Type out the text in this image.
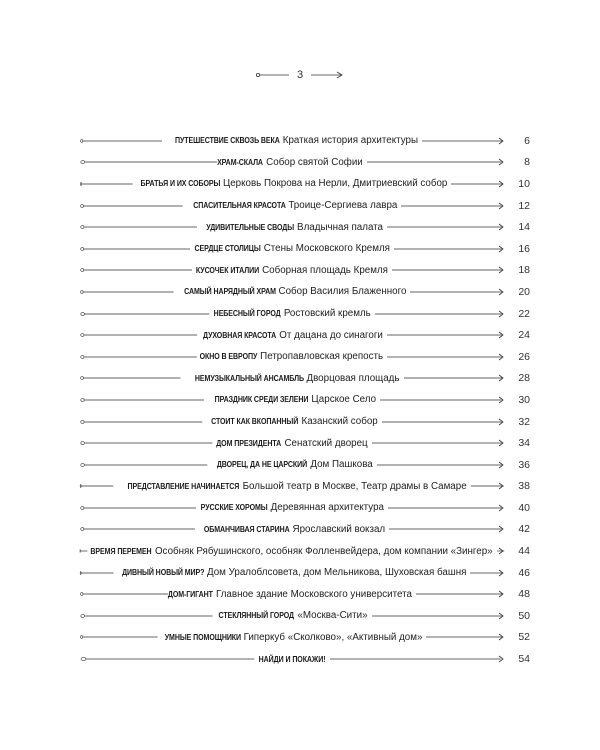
3
ПУТЕШЕСТВИЕ СКВОЗЬ ВЕКА Краткая история архитектуры	6
ХРАМ-СКАЛА Собор святой Софии	8
БРАТЬЯ И ИХ СОБОРЫ Церковь Покрова на Нерли, Дмитриевский собор	10
СПАСИТЕЛЬНАЯ КРАСОТА Троице-Сергиева лавра	12
УДИВИТЕЛЬНЫЕ СВОДЫ Владычная палата	14
СЕРДЦЕ СТОЛИЦЫ Стены Московского Кремля	16
КУСОЧЕК ИТАЛИИ Соборная площадь Кремля	18
САМЫЙ НАРЯДНЫЙ ХРАМ Собор Василия Блаженного	20
НЕБЕСНЫЙ ГОРОД Ростовский кремль	22
ДУХОВНАЯ КРАСОТА От дацана до синагоги	24
ОКНО В ЕВРОПУ Петропавловская крепость	26
НЕМУЗЫКАЛЬНЫЙ АНСАМБЛЬ Дворцовая площадь	28
ПРАЗДНИК СРЕДИ ЗЕЛЕНИ Царское Село	30
СТОИТ КАК ВКОПАННЫЙ Казанский собор	32
ДОМ ПРЕЗИДЕНТА Сенатский дворец	34
ДВОРЕЦ, ДА НЕ ЦАРСКИЙ Дом Пашкова	36
ПРЕДСТАВЛЕНИЕ НАЧИНАЕТСЯ Большой театр в Москве, Театр драмы в Самаре	38
РУССКИЕ ХОРОМЫ Деревянная архитектура	40
ОБМАНЧИВАЯ СТАРИНА Ярославский вокзал	42
ВРЕМЯ ПЕРЕМЕН Особняк Рябушинского, особняк Фолленвейдера, дом компании «Зингер»	44
ДИВНЫЙ НОВЫЙ МИР? Дом Уралоблсовета, дом Мельникова, Шуховская башня	46
ДОМ-ГИГАНТ Главное здание Московского университета	48
СТЕКЛЯННЫЙ ГОРОД «Москва-Сити»	50
УМНЫЕ ПОМОЩНИКИ Гиперкуб «Сколково», «Активный дом»	52
НАЙДИ И ПОКАЖИ!	54
